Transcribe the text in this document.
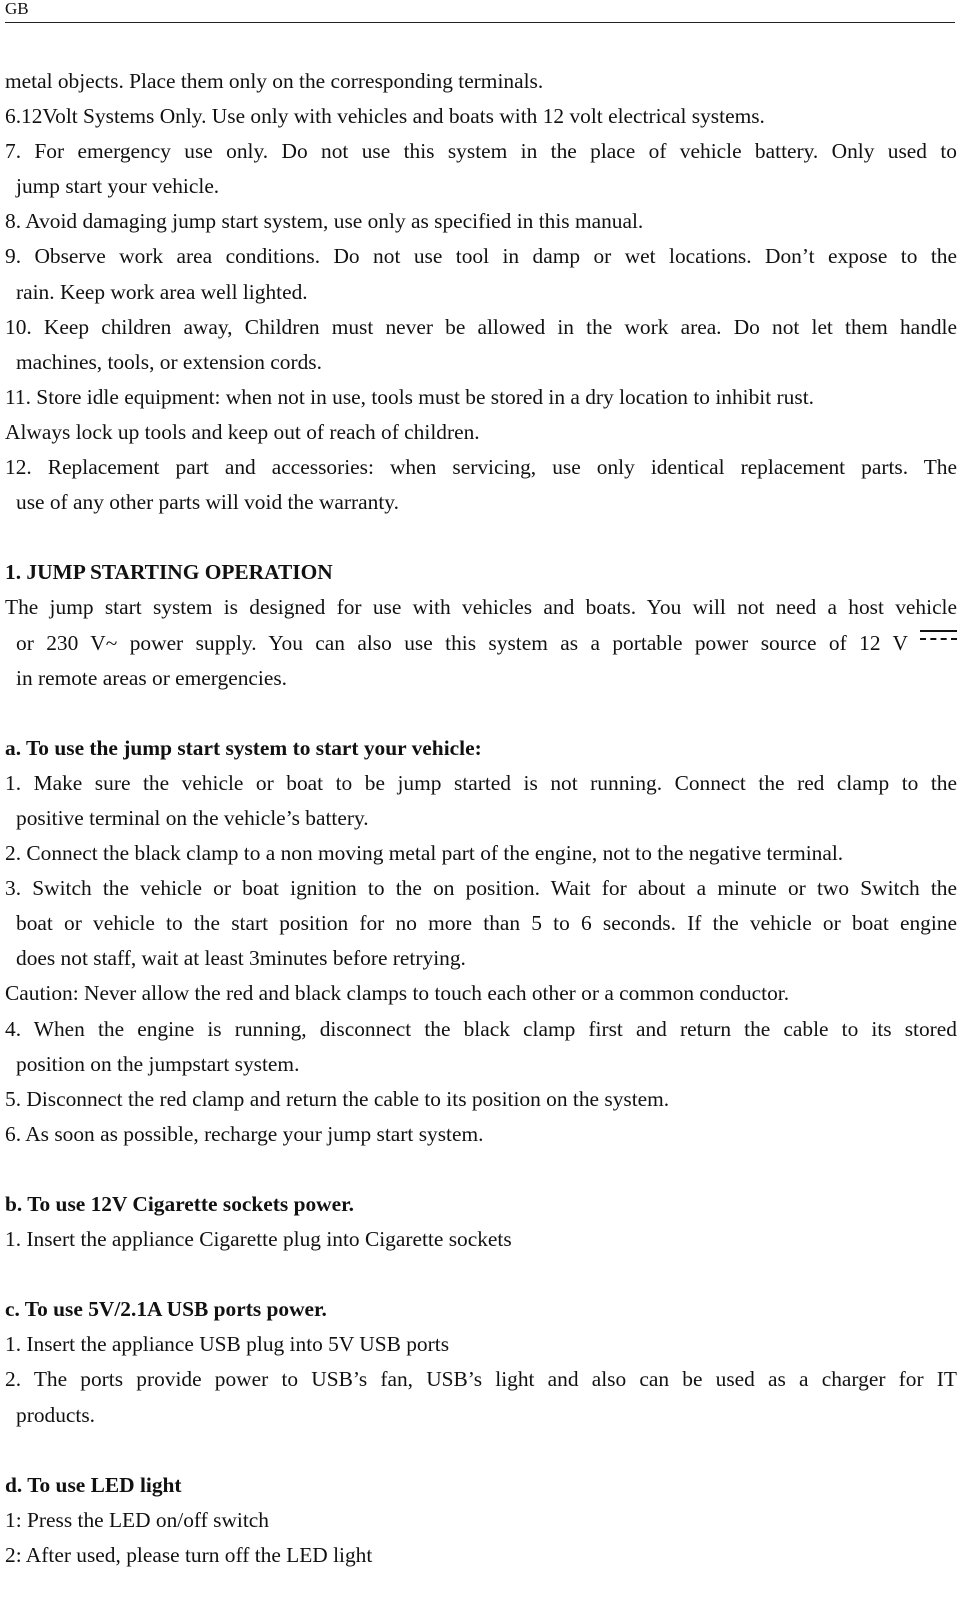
GB
metal objects. Place them only on the corresponding terminals.
6.12Volt Systems Only. Use only with vehicles and boats with 12 volt electrical systems.
7. For emergency use only. Do not use this system in the place of vehicle battery. Only used to
jump start your vehicle.
8. Avoid damaging jump start system, use only as specified in this manual.
9. Observe work area conditions. Do not use tool in damp or wet locations. Don’t expose to the
rain. Keep work area well lighted.
10. Keep children away, Children must never be allowed in the work area. Do not let them handle
machines, tools, or extension cords.
11. Store idle equipment: when not in use, tools must be stored in a dry location to inhibit rust.
Always lock up tools and keep out of reach of children.
12. Replacement part and accessories: when servicing, use only identical replacement parts. The
use of any other parts will void the warranty.
1. JUMP STARTING OPERATION
The jump start system is designed for use with vehicles and boats. You will not need a host vehicle
or 230 V~ power supply. You can also use this system as a portable power source of 12 V
in remote areas or emergencies.
a. To use the jump start system to start your vehicle:
1. Make sure the vehicle or boat to be jump started is not running. Connect the red clamp to the
positive terminal on the vehicle’s battery.
2. Connect the black clamp to a non moving metal part of the engine, not to the negative terminal.
3. Switch the vehicle or boat ignition to the on position. Wait for about a minute or two Switch the
boat or vehicle to the start position for no more than 5 to 6 seconds. If the vehicle or boat engine
does not staff, wait at least 3minutes before retrying.
Caution: Never allow the red and black clamps to touch each other or a common conductor.
4. When the engine is running, disconnect the black clamp first and return the cable to its stored
position on the jumpstart system.
5. Disconnect the red clamp and return the cable to its position on the system.
6. As soon as possible, recharge your jump start system.
b. To use 12V Cigarette sockets power.
1. Insert the appliance Cigarette plug into Cigarette sockets
c. To use 5V/2.1A USB ports power.
1. Insert the appliance USB plug into 5V USB ports
2. The ports provide power to USB’s fan, USB’s light and also can be used as a charger for IT
products.
d. To use LED light
1: Press the LED on/off switch
2: After used, please turn off the LED light
